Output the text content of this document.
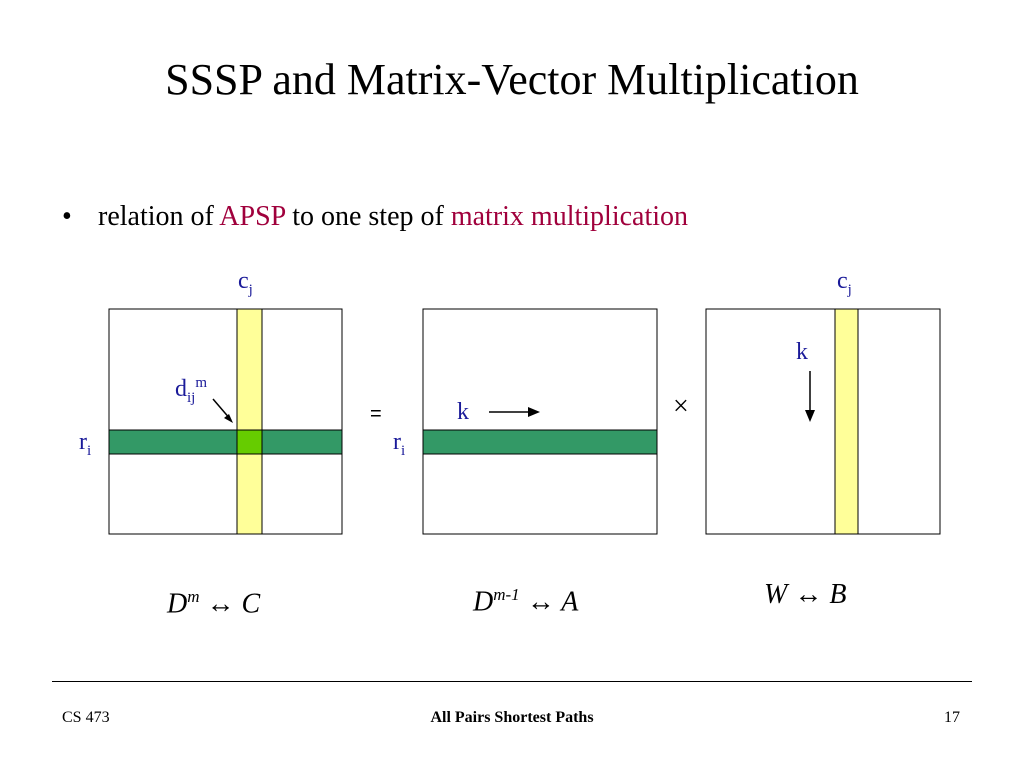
SSSP and Matrix-Vector Multiplication
• relation of APSP to one step of matrix multiplication
$c_j$
$r_i$
$d_{ij}^m$
$r_i$
k
$c_j$
k
=	×
$D^m$ ↔ C	$D^{m-1}$ ↔ A	W ↔ B
CS 473	All Pairs Shortest Paths	17
